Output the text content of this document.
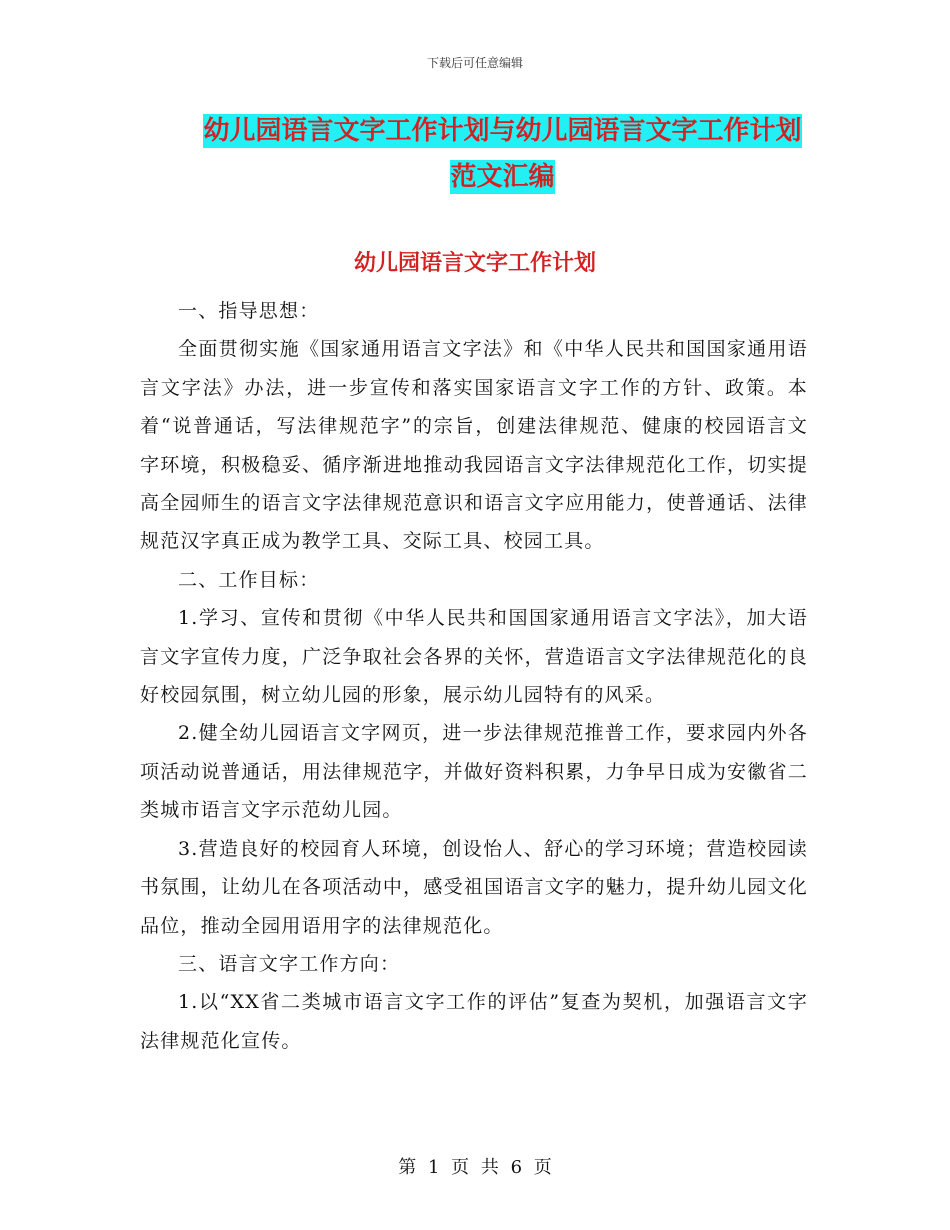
下载后可任意编辑
幼儿园语言文字工作计划与幼儿园语言文字工作计划
范文汇编
幼儿园语言文字工作计划

一、指导思想：

全面贯彻实施《国家通用语言文字法》和《中华人民共和国国家通用语言文字法》办法，进一步宣传和落实国家语言文字工作的方针、政策。本着“说普通话，写法律规范字”的宗旨，创建法律规范、健康的校园语言文字环境，积极稳妥、循序渐进地推动我园语言文字法律规范化工作，切实提高全园师生的语言文字法律规范意识和语言文字应用能力，使普通话、法律规范汉字真正成为教学工具、交际工具、校园工具。

二、工作目标：

1.学习、宣传和贯彻《中华人民共和国国家通用语言文字法》，加大语言文字宣传力度，广泛争取社会各界的关怀，营造语言文字法律规范化的良好校园氛围，树立幼儿园的形象，展示幼儿园特有的风采。

2.健全幼儿园语言文字网页，进一步法律规范推普工作，要求园内外各项活动说普通话，用法律规范字，并做好资料积累，力争早日成为安徽省二类城市语言文字示范幼儿园。

3.营造良好的校园育人环境，创设怡人、舒心的学习环境；营造校园读书氛围，让幼儿在各项活动中，感受祖国语言文字的魅力，提升幼儿园文化品位，推动全园用语用字的法律规范化。

三、语言文字工作方向：

1.以“XX省二类城市语言文字工作的评估”复查为契机，加强语言文字法律规范化宣传。

第 1 页 共 6 页
